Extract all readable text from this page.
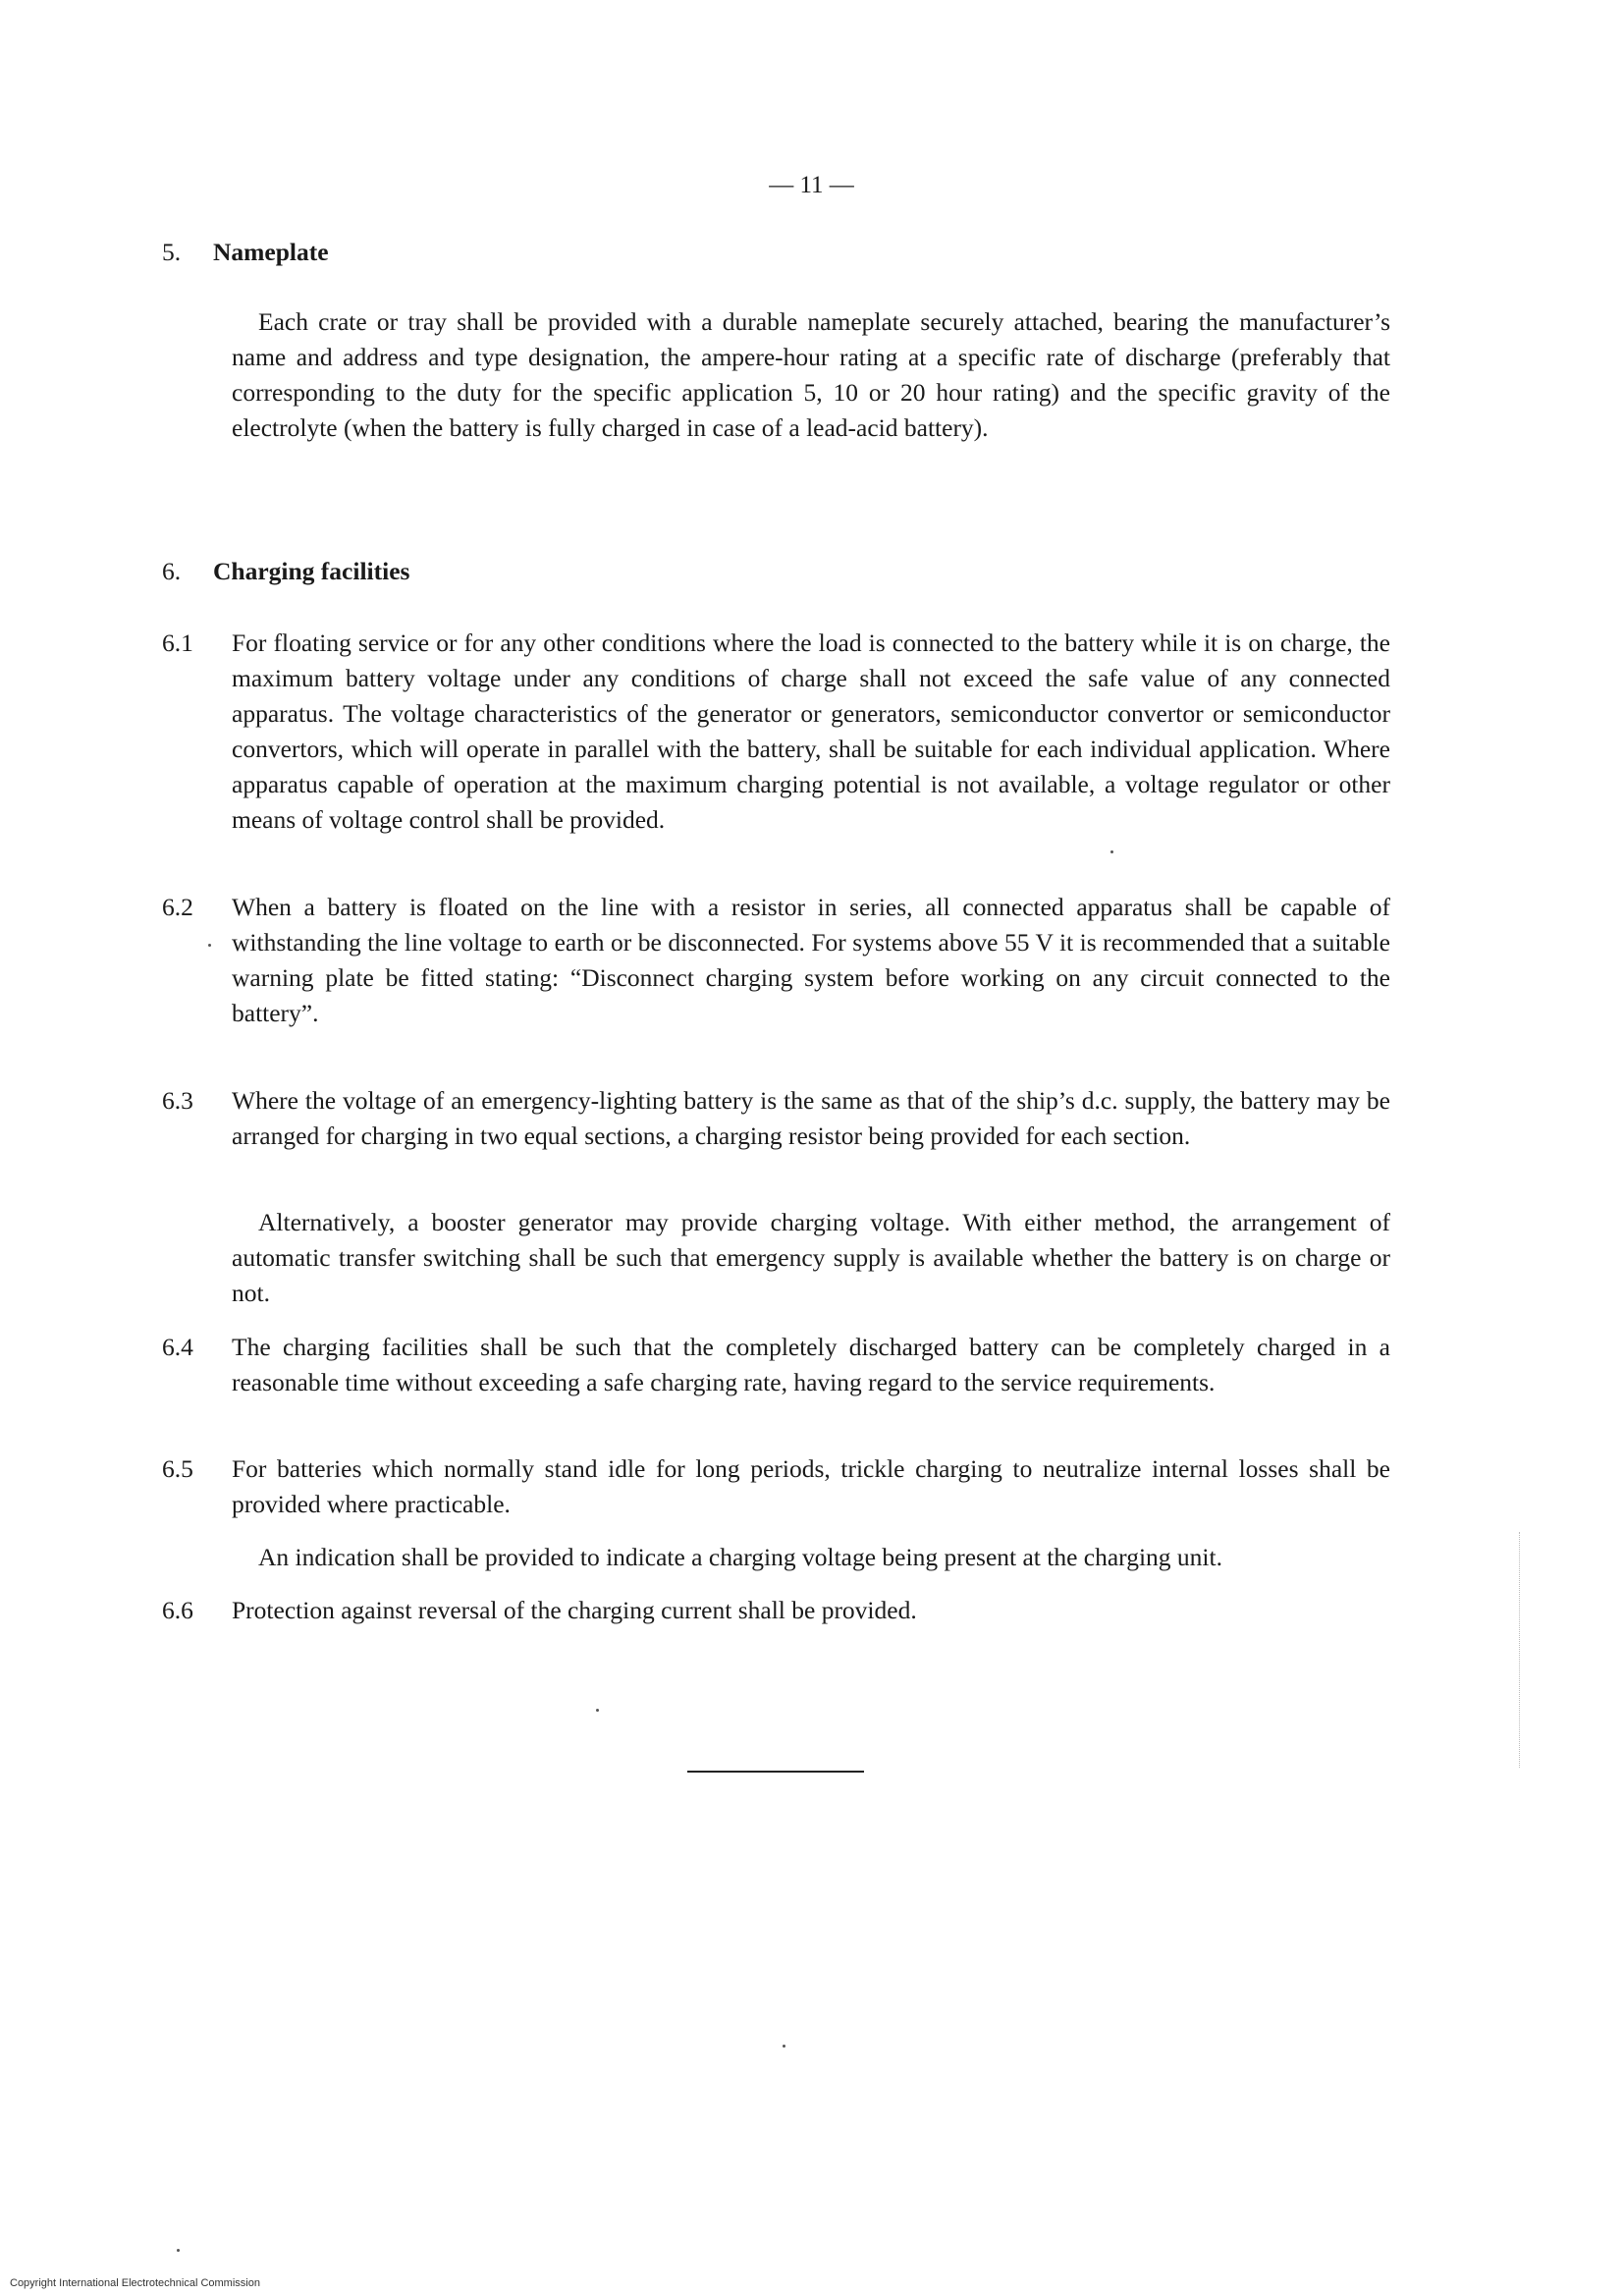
— 11 —
5. Nameplate
Each crate or tray shall be provided with a durable nameplate securely attached, bearing the manufacturer’s name and address and type designation, the ampere-hour rating at a specific rate of discharge (preferably that corresponding to the duty for the specific application 5, 10 or 20 hour rating) and the specific gravity of the electrolyte (when the battery is fully charged in case of a lead-acid battery).
6. Charging facilities
6.1	For floating service or for any other conditions where the load is connected to the battery while it is on charge, the maximum battery voltage under any conditions of charge shall not exceed the safe value of any connected apparatus. The voltage characteristics of the generator or generators, semiconductor convertor or semiconductor convertors, which will operate in parallel with the battery, shall be suitable for each individual application. Where apparatus capable of operation at the maximum charging potential is not available, a voltage regulator or other means of voltage control shall be provided.
6.2	When a battery is floated on the line with a resistor in series, all connected apparatus shall be capable of withstanding the line voltage to earth or be disconnected. For systems above 55 V it is recommended that a suitable warning plate be fitted stating: “Disconnect charging system before working on any circuit connected to the battery”.
6.3	Where the voltage of an emergency-lighting battery is the same as that of the ship’s d.c. supply, the battery may be arranged for charging in two equal sections, a charging resistor being provided for each section.
Alternatively, a booster generator may provide charging voltage. With either method, the arrangement of automatic transfer switching shall be such that emergency supply is available whether the battery is on charge or not.
6.4	The charging facilities shall be such that the completely discharged battery can be completely charged in a reasonable time without exceeding a safe charging rate, having regard to the service requirements.
6.5	For batteries which normally stand idle for long periods, trickle charging to neutralize internal losses shall be provided where practicable.
An indication shall be provided to indicate a charging voltage being present at the charging unit.
6.6	Protection against reversal of the charging current shall be provided.
Copyright International Electrotechnical Commission
